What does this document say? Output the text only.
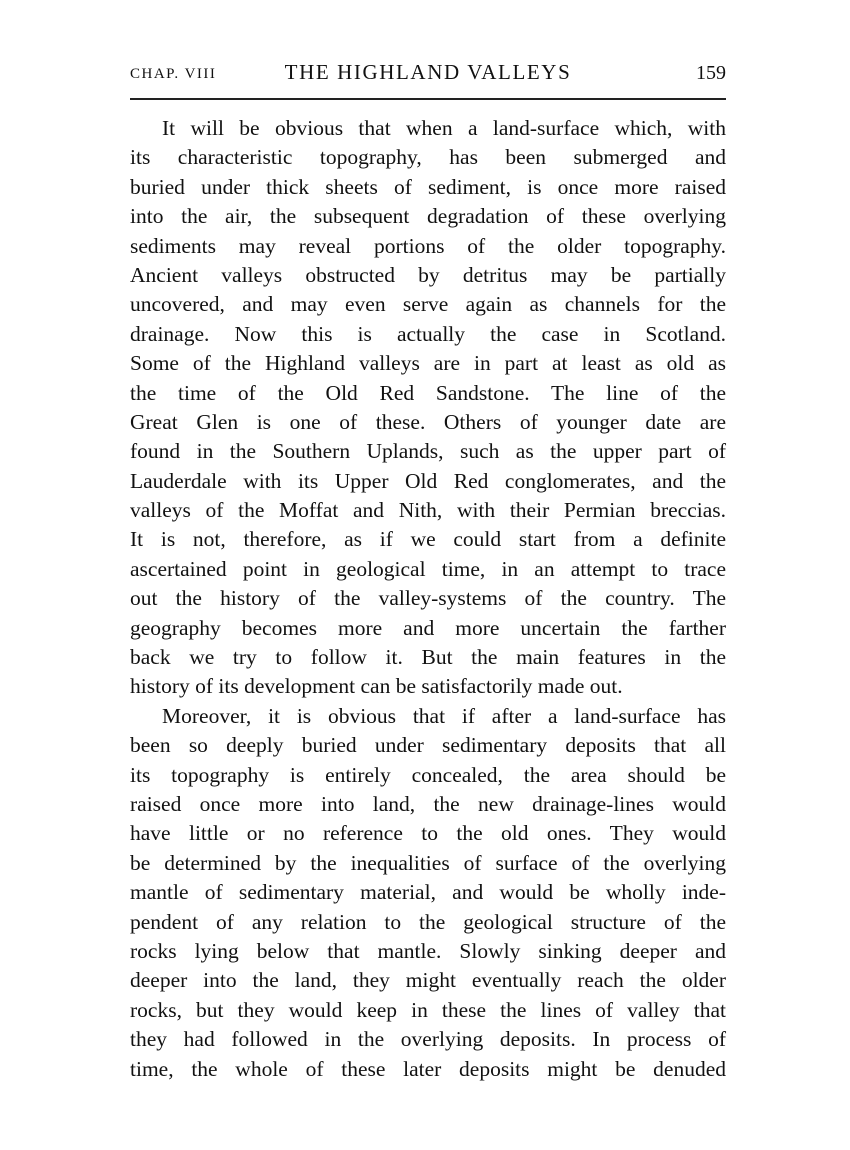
CHAP. VIII	THE HIGHLAND VALLEYS	159
It will be obvious that when a land-surface which, with
its characteristic topography, has been submerged and
buried under thick sheets of sediment, is once more raised
into the air, the subsequent degradation of these overlying
sediments may reveal portions of the older topography.
Ancient valleys obstructed by detritus may be partially
uncovered, and may even serve again as channels for the
drainage. Now this is actually the case in Scotland.
Some of the Highland valleys are in part at least as old as
the time of the Old Red Sandstone. The line of the
Great Glen is one of these. Others of younger date are
found in the Southern Uplands, such as the upper part of
Lauderdale with its Upper Old Red conglomerates, and the
valleys of the Moffat and Nith, with their Permian breccias.
It is not, therefore, as if we could start from a definite
ascertained point in geological time, in an attempt to trace
out the history of the valley-systems of the country. The
geography becomes more and more uncertain the farther
back we try to follow it. But the main features in the
history of its development can be satisfactorily made out.
Moreover, it is obvious that if after a land-surface has
been so deeply buried under sedimentary deposits that all
its topography is entirely concealed, the area should be
raised once more into land, the new drainage-lines would
have little or no reference to the old ones. They would
be determined by the inequalities of surface of the overlying
mantle of sedimentary material, and would be wholly inde-
pendent of any relation to the geological structure of the
rocks lying below that mantle. Slowly sinking deeper and
deeper into the land, they might eventually reach the older
rocks, but they would keep in these the lines of valley that
they had followed in the overlying deposits. In process of
time, the whole of these later deposits might be denuded
